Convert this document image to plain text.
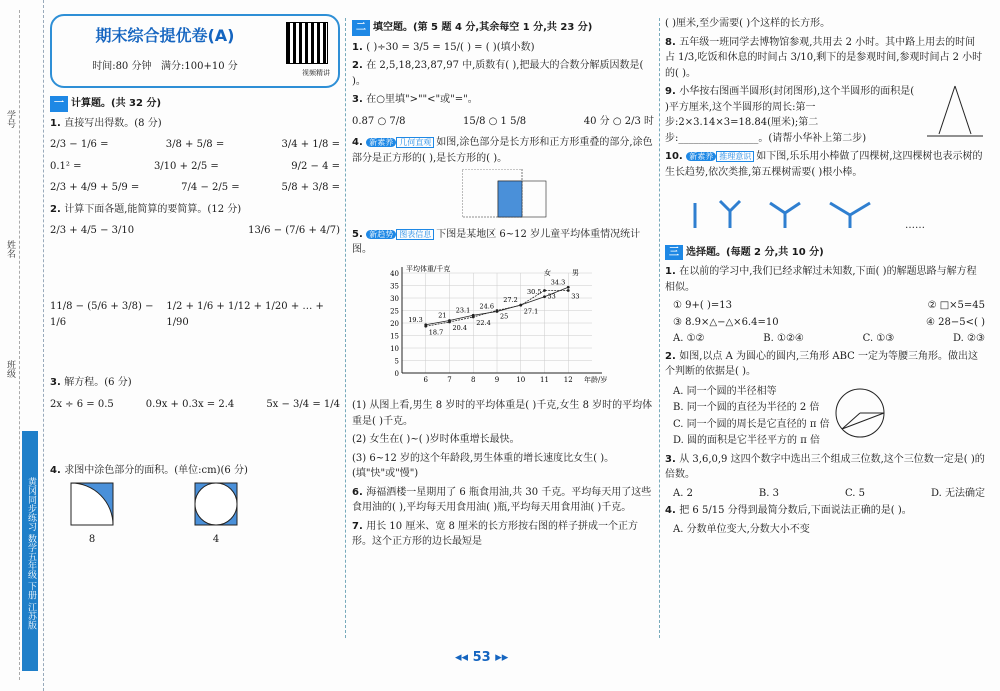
学号
姓名
班级
黄冈同步练习 数学五年级 下册 江苏版
期末综合提优卷(A)
时间:80 分钟 满分:100+10 分
视频精讲
一 计算题。(共 32 分)
1. 直接写出得数。(8 分)
2/3 − 1/6 =	3/8 + 5/8 =	3/4 + 1/8 =
0.1² =	3/10 + 2/5 =	9/2 − 4 =
2/3 + 4/9 + 5/9 =	7/4 − 2/5 =	5/8 + 3/8 =
2. 计算下面各题,能简算的要简算。(12 分)
2/3 + 4/5 − 3/10	13/6 − (7/6 + 4/7)
11/8 − (5/6 + 3/8) − 1/6
1/2 + 1/6 + 1/12 + 1/20 + … + 1/90
3. 解方程。(6 分)
2x ÷ 6 = 0.5	0.9x + 0.3x = 2.4	5x − 3/4 = 1/4
4. 求图中涂色部分的面积。(单位:cm)(6 分)
8	4
二 填空题。(第 5 题 4 分,其余每空 1 分,共 23 分)
1. ( )÷30 = 3/5 = 15/( ) = ( )(填小数)
2. 在 2,5,18,23,87,97 中,质数有( ),把最大的合数分解质因数是( )。
3. 在○里填">""<"或"="。
0.87 ○ 7/8	15/8 ○ 1 5/8	40 分 ○ 2/3 时
4. 新素养 几何直观 如图,涂色部分是长方形和正方形重叠的部分,涂色部分是正方形的( ),是长方形的( )。
5. 新趋势 图表信息 下图是某地区 6~12 岁儿童平均体重情况统计图。
0
5
10
15
20
25
30
35
40
6	7	8	9 10 11 12
平均体重/千克
年龄/岁
19.3
21
23.1 24.6
27.2
30.5
34.3
18.7
20.4
22.4
25
27.1
33 33
女	男
(1) 从图上看,男生 8 岁时的平均体重是( )千克,女生 8 岁时的平均体重是( )千克。
(2) 女生在( )~( )岁时体重增长最快。
(3) 6~12 岁的这个年龄段,男生体重的增长速度比女生( )。(填"快"或"慢")
6. 海福酒楼一星期用了 6 瓶食用油,共 30 千克。平均每天用了这些食用油的( ),平均每天用食用油( )瓶,平均每天用食用油( )千克。
7. 用长 10 厘米、宽 8 厘米的长方形按右图的样子拼成一个正方形。这个正方形的边长最短是
( )厘米,至少需要( )个这样的长方形。
8. 五年级一班同学去博物馆参观,共用去 2 小时。其中路上用去的时间占 1/3,吃饭和休息的时间占 3/10,剩下的是参观时间,参观时间占 2 小时的( )。
9. 小华按右图画半圆形(封闭图形),这个半圆形的面积是( )平方厘米,这个半圆形的周长:第一步:2×3.14×3=18.84(厘米);第二步:________________。(请帮小华补上第二步)
10. 新素养 推理意识 如下图,乐乐用小棒做了四棵树,这四棵树也表示树的生长趋势,依次类推,第五棵树需要( )根小棒。
……
三 选择题。(每题 2 分,共 10 分)
1. 在以前的学习中,我们已经求解过未知数,下面( )的解题思路与解方程相似。
① 9+( )=13	② □×5=45
③ 8.9×△−△×6.4=10	④ 28−5<( )
A. ①②	B. ①②④	C. ①③	D. ②③
2. 如图,以点 A 为圆心的圆内,三角形 ABC 一定为等腰三角形。做出这个判断的依据是( )。
A. 同一个圆的半径相等
B. 同一个圆的直径为半径的 2 倍
C. 同一个圆的周长是它直径的 π 倍
D. 圆的面积是它半径平方的 π 倍
3. 从 3,6,0,9 这四个数字中选出三个组成三位数,这个三位数一定是( )的倍数。
A. 2	B. 3	C. 5	D. 无法确定
4. 把 6 5/15 分得到最简分数后,下面说法正确的是( )。
A. 分数单位变大,分数大小不变
◂◂ 53 ▸▸
